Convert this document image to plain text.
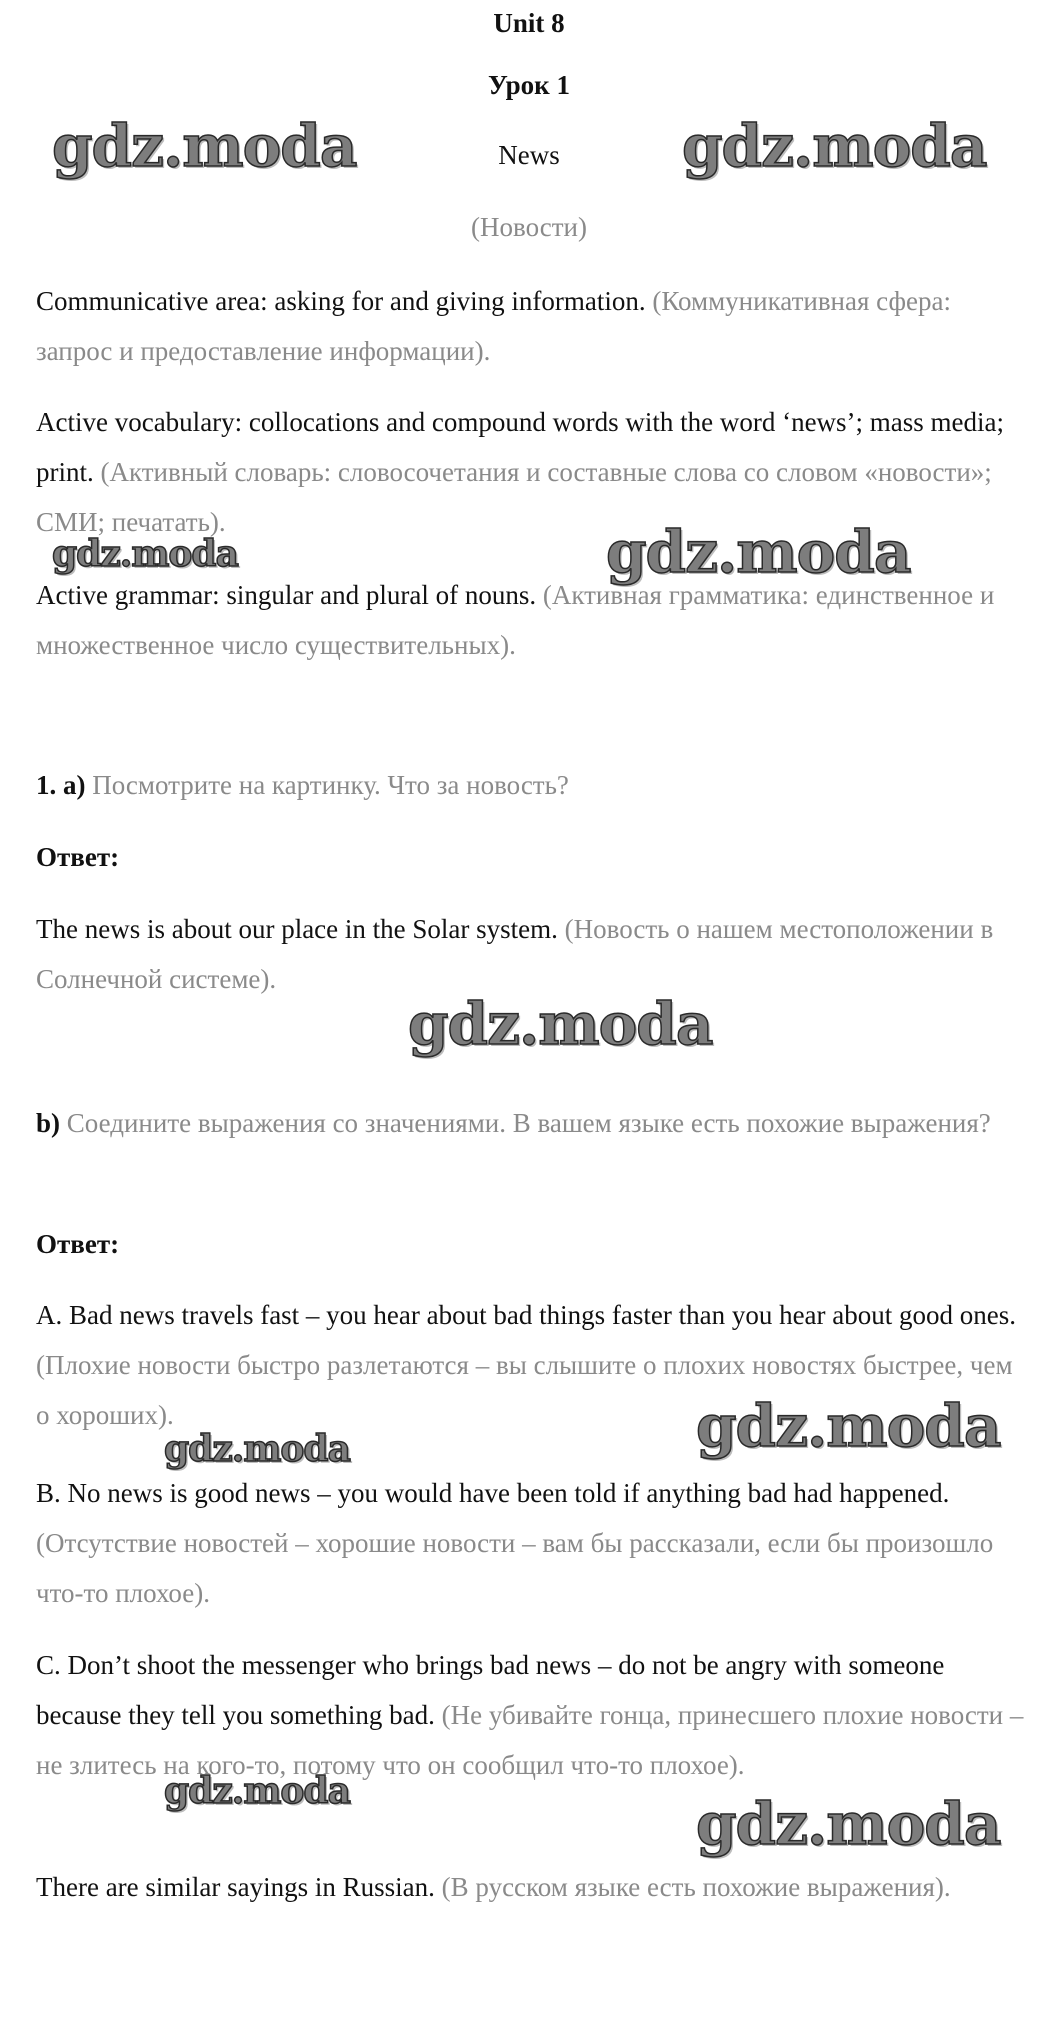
Unit 8
Урок 1
News
(Новости)
Communicative area: asking for and giving information. (Коммуникативная сфера: запрос и предоставление информации).
Active vocabulary: collocations and compound words with the word ‘news’; mass media; print. (Активный словарь: словосочетания и составные слова со словом «новости»; СМИ; печатать).
Active grammar: singular and plural of nouns. (Активная грамматика: единственное и множественное число существительных).
1. a) Посмотрите на картинку. Что за новость?
Ответ:
The news is about our place in the Solar system. (Новость о нашем местоположении в Солнечной системе).
b) Соедините выражения со значениями. В вашем языке есть похожие выражения?
Ответ:
A. Bad news travels fast – you hear about bad things faster than you hear about good ones. (Плохие новости быстро разлетаются – вы слышите о плохих новостях быстрее, чем о хороших).
B. No news is good news – you would have been told if anything bad had happened. (Отсутствие новостей – хорошие новости – вам бы рассказали, если бы произошло что-то плохое).
C. Don’t shoot the messenger who brings bad news – do not be angry with someone because they tell you something bad. (Не убивайте гонца, принесшего плохие новости – не злитесь на кого-то, потому что он сообщил что-то плохое).
There are similar sayings in Russian. (В русском языке есть похожие выражения).
gdz.moda	gdz.moda
gdz.moda	gdz.moda
gdz.moda
gdz.moda
gdz.moda
gdz.moda	gdz.moda
